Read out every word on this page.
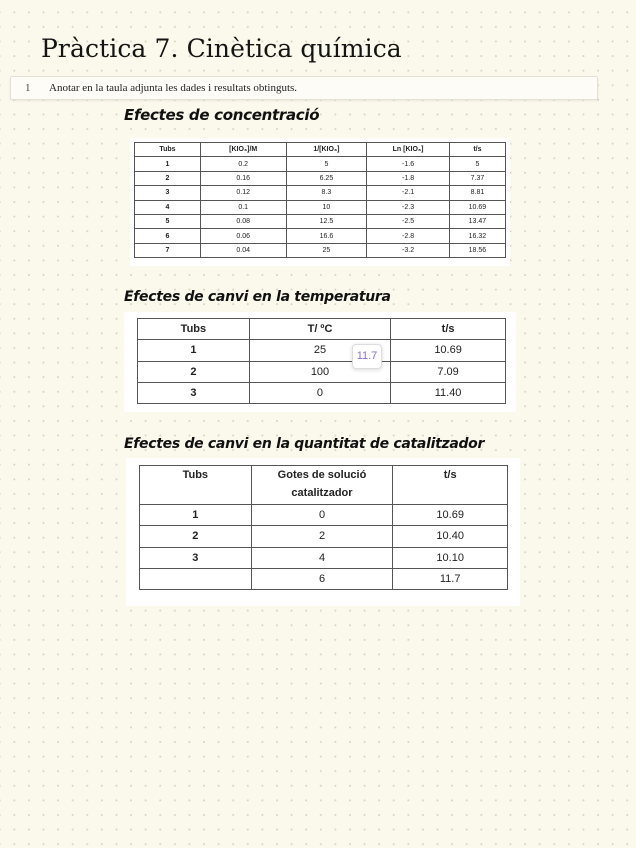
Pràctica 7. Cinètica química
1 Anotar en la taula adjunta les dades i resultats obtinguts.
Efectes de concentració
Tubs	[KIO₃]/M	1/[KIO₃]	Ln [KIO₃]	t/s
1	0.2	5	-1.6	5
2	0.16	6.25	-1.8	7.37
3	0.12	8.3	-2.1	8.81
4	0.1	10	-2.3	10.69
5	0.08	12.5	-2.5	13.47
6	0.06	16.6	-2.8	16.32
7	0.04	25	-3.2	18.56
Efectes de canvi en la temperatura
Tubs	T/ ºC	t/s
1	25	10.69
2	100	7.09
3	0	11.40
11.7
Efectes de canvi en la quantitat de catalitzador
Tubs	Gotes de solució catalitzador	t/s
1	0	10.69
2	2	10.40
3	4	10.10
	6	11.7
